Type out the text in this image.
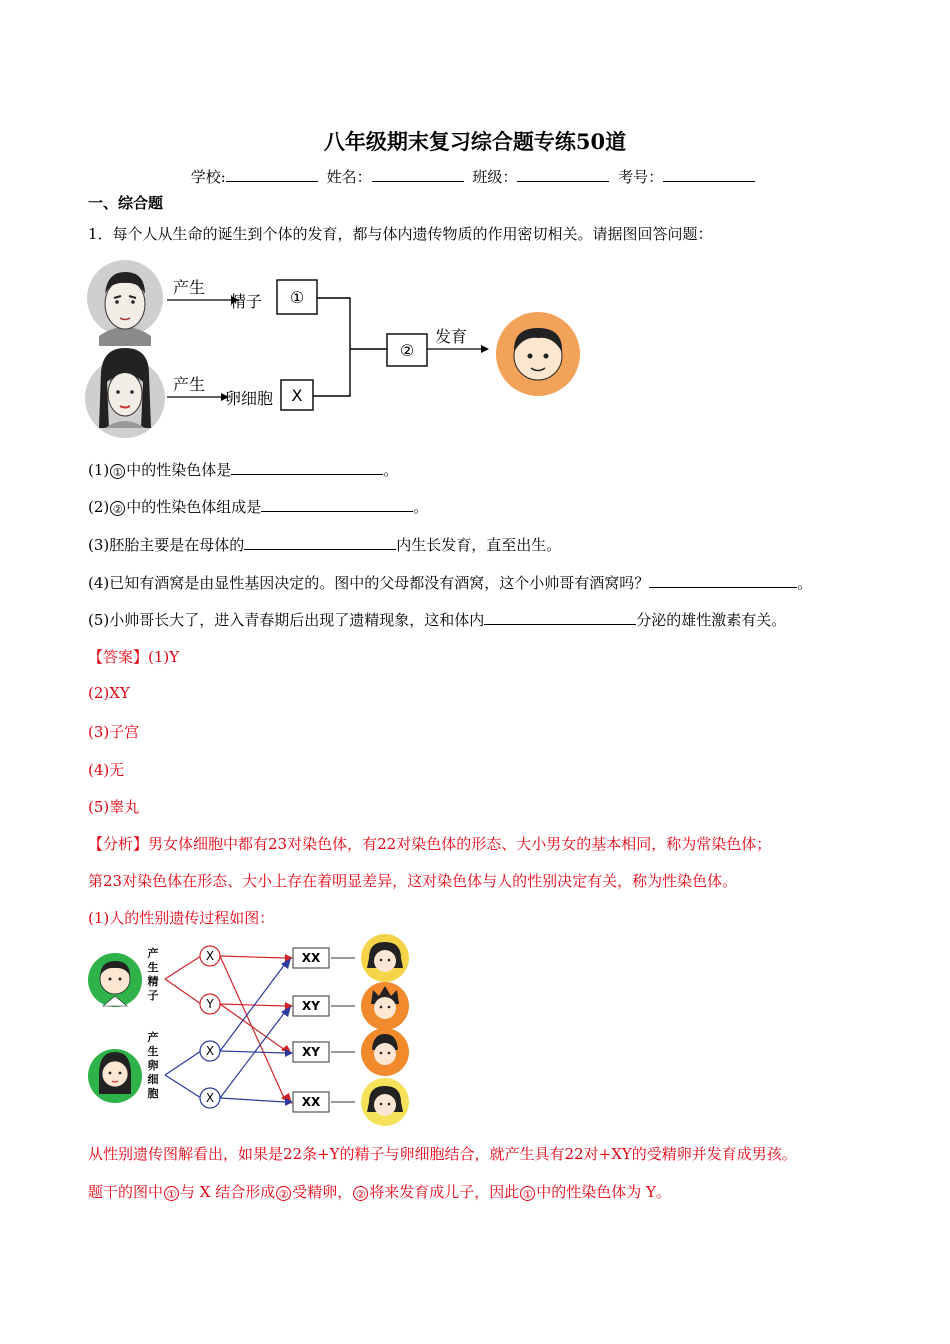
八年级期末复习综合题专练50道
学校:	姓名：	班级：	考号：
一、综合题
1．每个人从生命的诞生到个体的发育，都与体内遗传物质的作用密切相关。请据图回答问题：
产生
精子 ①
产生
卵细胞 X
②
发育
(1) ① 中的性染色体是	。
(2) ② 中的性染色体组成是	。
(3)胚胎主要是在母体的	内生长发育，直至出生。
(4)已知有酒窝是由显性基因决定的。图中的父母都没有酒窝，这个小帅哥有酒窝吗？	。
(5)小帅哥长大了，进入青春期后出现了遗精现象，这和体内	分泌的雄性激素有关。
【答案】(1)Y
(2)XY
(3)子宫
(4)无
(5)睾丸
【分析】男女体细胞中都有23对染色体，有22对染色体的形态、大小男女的基本相同，称为常染色体；
第23对染色体在形态、大小上存在着明显差异，这对染色体与人的性别决定有关，称为性染色体。
(1)人的性别遗传过程如图：
产
生
精
子
产
生
卵
细
胞
X
Y
X
X
XX
XY
XY
XX
从性别遗传图解看出，如果是22条+Y的精子与卵细胞结合，就产生具有22对+XY的受精卵并发育成男孩。
题干的图中 ① 与 X 结合形成 ② 受精卵， ② 将来发育成儿子，因此 ① 中的性染色体为 Y。
